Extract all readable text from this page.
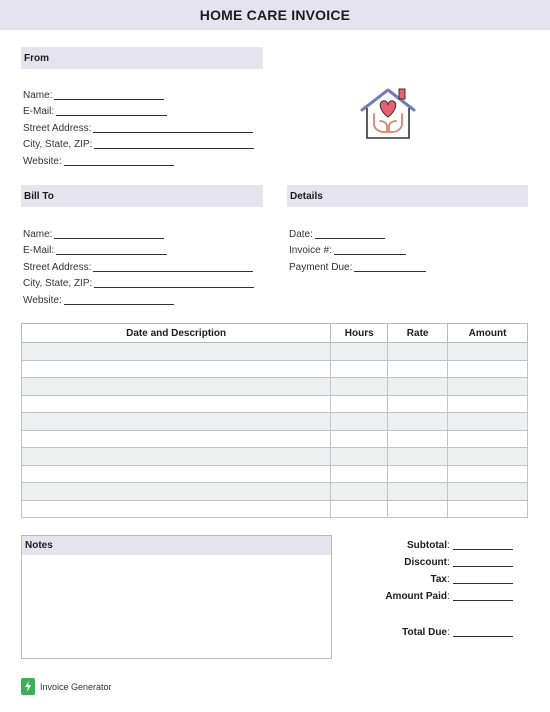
HOME CARE INVOICE
From
Name:
E-Mail:
Street Address:
City, State, ZIP:
Website:
Bill To
Name:
E-Mail:
Street Address:
City, State, ZIP:
Website:
Details
Date:
Invoice #:
Payment Due:
Date and Description	Hours	Rate	Amount

Notes	Subtotal :
Discount :
Tax :
Amount Paid :
Total Due :
Invoice Generator
